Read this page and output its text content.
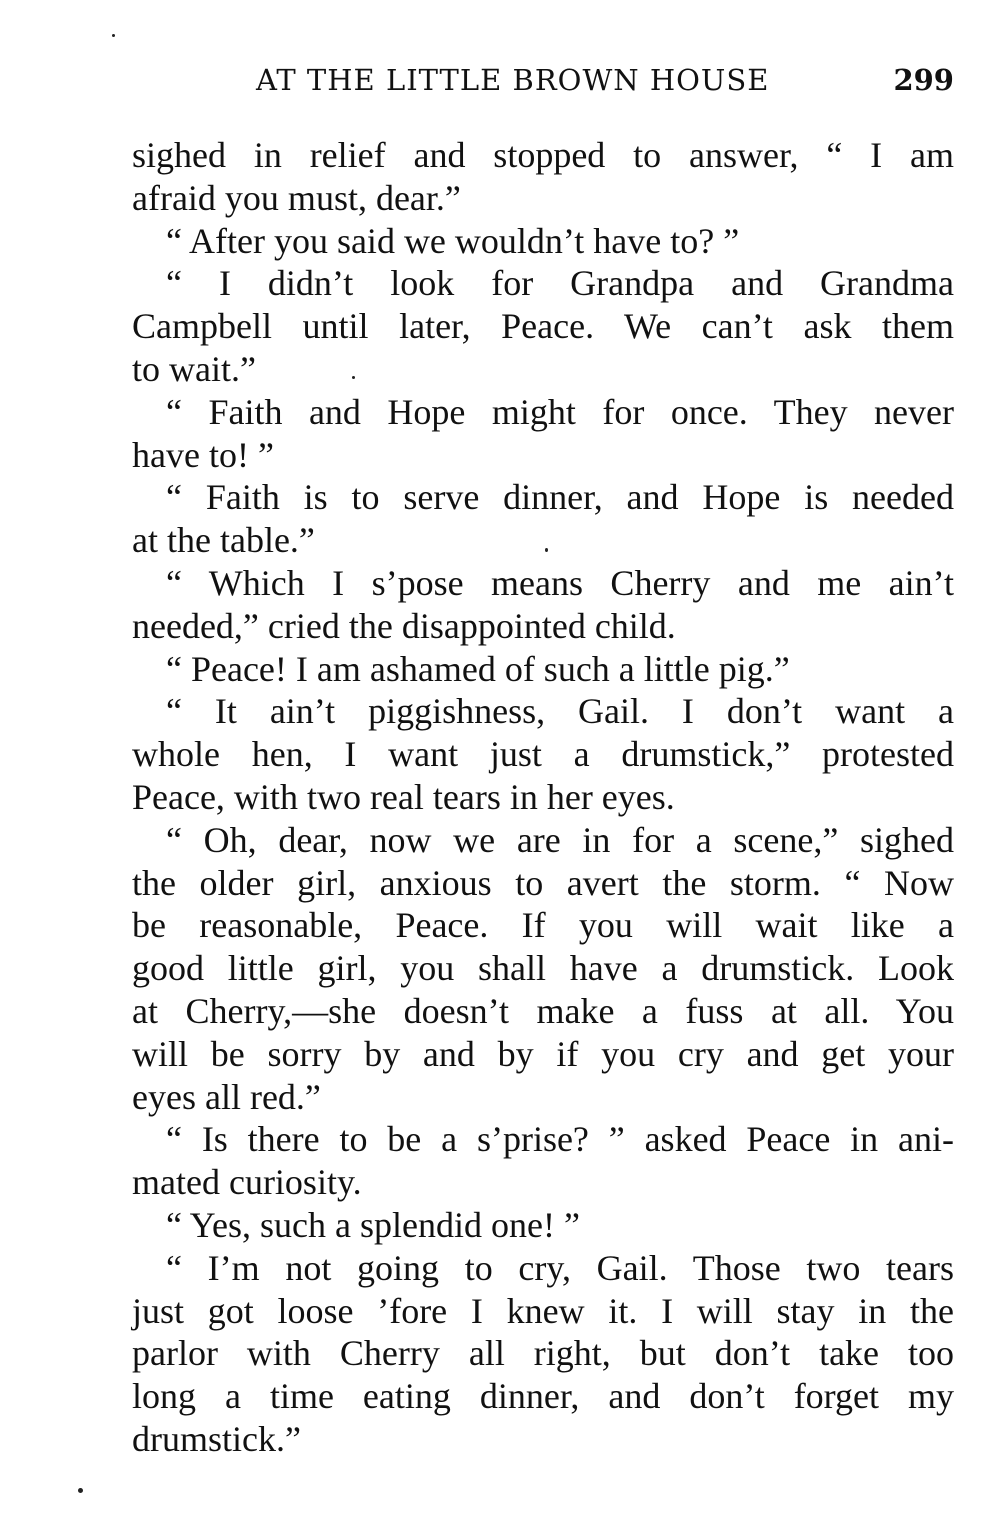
AT THE LITTLE BROWN HOUSE	299
sighed in relief and stopped to answer, “ I am
afraid you must, dear.”
“ After you said we wouldn’t have to? ”
“ I didn’t look for Grandpa and Grandma
Campbell until later, Peace. We can’t ask them
to wait.”
“ Faith and Hope might for once. They never
have to! ”
“ Faith is to serve dinner, and Hope is needed
at the table.”
“ Which I s’pose means Cherry and me ain’t
needed,” cried the disappointed child.
“ Peace! I am ashamed of such a little pig.”
“ It ain’t piggishness, Gail. I don’t want a
whole hen, I want just a drumstick,” protested
Peace, with two real tears in her eyes.
“ Oh, dear, now we are in for a scene,” sighed
the older girl, anxious to avert the storm. “ Now
be reasonable, Peace. If you will wait like a
good little girl, you shall have a drumstick. Look
at Cherry,—she doesn’t make a fuss at all. You
will be sorry by and by if you cry and get your
eyes all red.”
“ Is there to be a s’prise? ” asked Peace in ani-
mated curiosity.
“ Yes, such a splendid one! ”
“ I’m not going to cry, Gail. Those two tears
just got loose ’fore I knew it. I will stay in the
parlor with Cherry all right, but don’t take too
long a time eating dinner, and don’t forget my
drumstick.”
